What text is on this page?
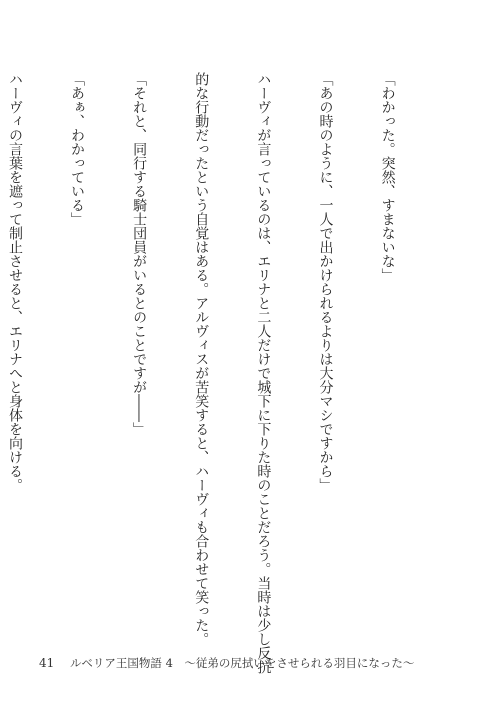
「わかった。突然、すまないな」

「あの時のように、一人で出かけられるよりは大分マシですから」

ハーヴィが言っているのは、エリナと二人だけで城下に下りた時のことだろう。当時は少し反抗

的な行動だったという自覚はある。アルヴィスが苦笑すると、ハーヴィも合わせて笑った。

「それと、同行する騎士団員がいるとのことですが――」

「あぁ、わかっている」

ハーヴィの言葉を遮って制止させると、エリナへと身体を向ける。

41 ルベリア王国物語 4　～従弟の尻拭いをさせられる羽目になった～
